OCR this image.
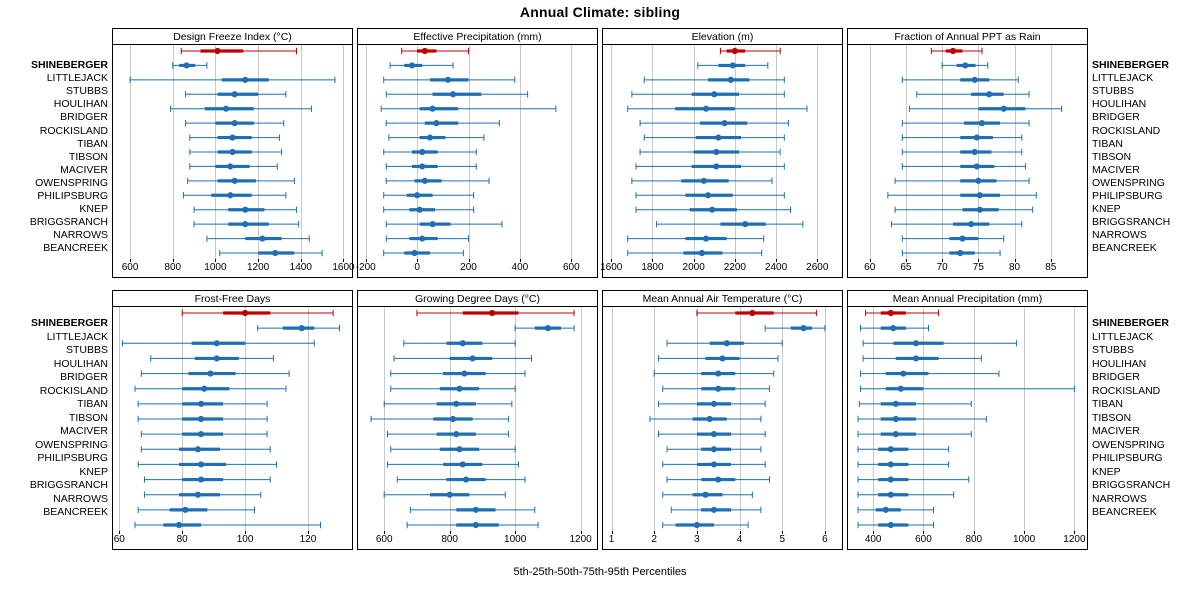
Annual Climate: sibling
SHINEBERGER
LITTLEJACK
STUBBS
HOULIHAN
BRIDGER
ROCKISLAND
TIBAN
TIBSON
MACIVER
OWENSPRING
PHILIPSBURG
KNEP
BRIGGSRANCH
NARROWS
BEANCREEK
Design Freeze Index (°C)
600	800 1000 1200 1400 1600
Effective Precipitation (mm)
-200	0	200	400	600
Elevation (m)
1600 1800 2000 2200 2400 2600
Fraction of Annual PPT as Rain
60	65	70	75	80	85
SHINEBERGER
LITTLEJACK
STUBBS
HOULIHAN
BRIDGER
ROCKISLAND
TIBAN
TIBSON
MACIVER
OWENSPRING
PHILIPSBURG
KNEP
BRIGGSRANCH
NARROWS
BEANCREEK
SHINEBERGER
LITTLEJACK
STUBBS
HOULIHAN
BRIDGER
ROCKISLAND
TIBAN
TIBSON
MACIVER
OWENSPRING
PHILIPSBURG
KNEP
BRIGGSRANCH
NARROWS
BEANCREEK
Frost-Free Days
60	80	100	120
Growing Degree Days (°C)
600	800	1000	1200
Mean Annual Air Temperature (°C)
1	2	3	4	5	6
Mean Annual Precipitation (mm)
400	600	800	1000	1200
SHINEBERGER
LITTLEJACK
STUBBS
HOULIHAN
BRIDGER
ROCKISLAND
TIBAN
TIBSON
MACIVER
OWENSPRING
PHILIPSBURG
KNEP
BRIGGSRANCH
NARROWS
BEANCREEK
5th-25th-50th-75th-95th Percentiles
